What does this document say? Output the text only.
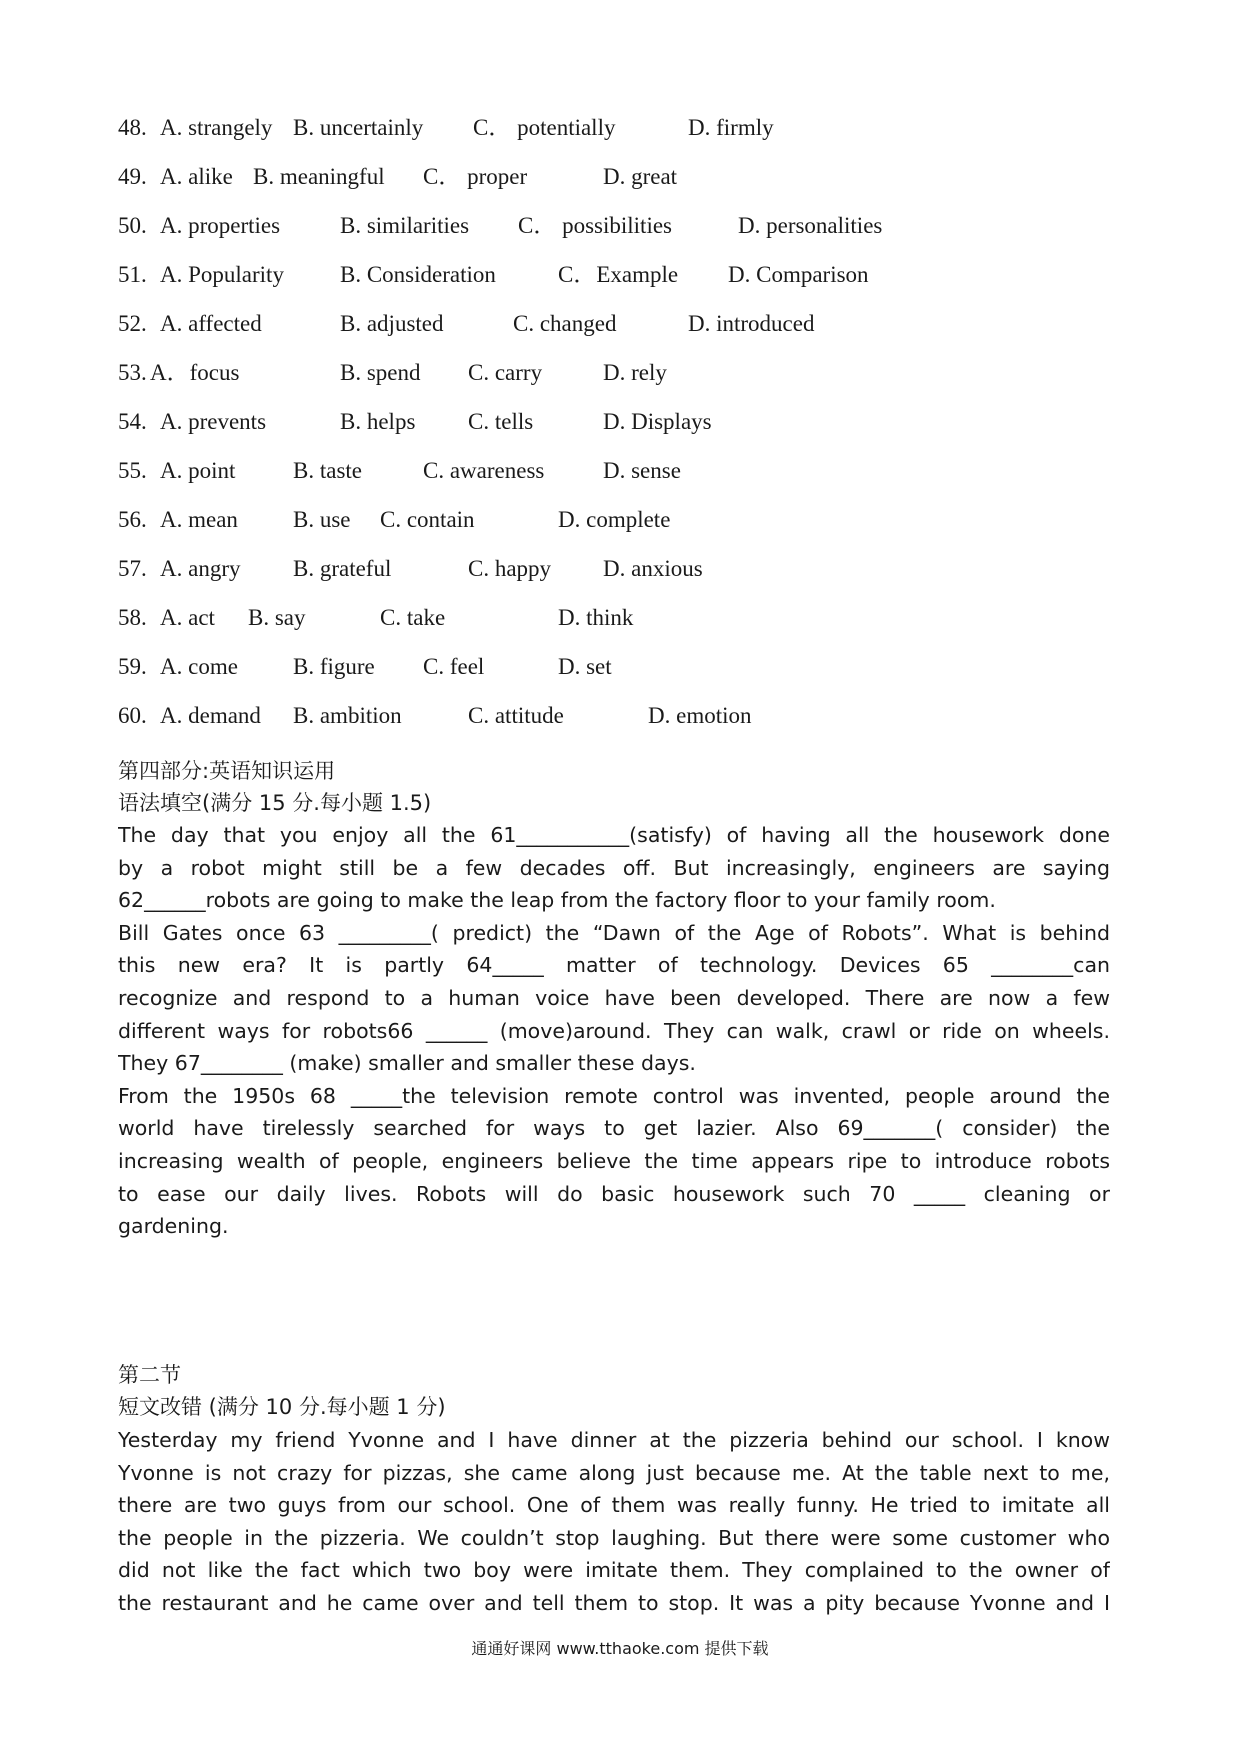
48. A. strangely B. uncertainly C． potentially	D. firmly
49. A. alike B. meaningful C． proper	D. great
50. A. properties	B. similarities C． possibilities	D. personalities
51. A. Popularity B. Consideration	C．Example D. Comparison
52. A. affected	B. adjusted	C. changed	D. introduced
53. A．focus	B. spend C. carry	D. rely
54. A. prevents	B. helps C. tells	D. Displays
55. A. point	B. taste	C. awareness	D. sense
56. A. mean B. use C. contain	D. complete
57. A. angry B. grateful	C. happy D. anxious
58. A. act B. say	C. take	D. think
59. A. come B. figure C. feel	D. set
60. A. demand B. ambition	C. attitude	D. emotion
第四部分:英语知识运用
语法填空(满分 15 分.每小题 1.5)
The day that you enjoy all the 61___________(satisfy) of having all the housework done
by a robot might still be a few decades off. But increasingly, engineers are saying
62______robots are going to make the leap from the factory floor to your family room.
Bill Gates once 63 _________( predict) the “Dawn of the Age of Robots”. What is behind
this new era? It is partly 64_____ matter of technology. Devices 65 ________can
recognize and respond to a human voice have been developed. There are now a few
different ways for robots66 ______ (move)around. They can walk, crawl or ride on wheels.
They 67________ (make) smaller and smaller these days.
From the 1950s 68 _____the television remote control was invented, people around the
world have tirelessly searched for ways to get lazier. Also 69_______( consider) the
increasing wealth of people, engineers believe the time appears ripe to introduce robots
to ease our daily lives. Robots will do basic housework such 70 _____ cleaning or
gardening.
第二节
短文改错 (满分 10 分.每小题 1 分)
Yesterday my friend Yvonne and I have dinner at the pizzeria behind our school. I know
Yvonne is not crazy for pizzas, she came along just because me. At the table next to me,
there are two guys from our school. One of them was really funny. He tried to imitate all
the people in the pizzeria. We couldn’t stop laughing. But there were some customer who
did not like the fact which two boy were imitate them. They complained to the owner of
the restaurant and he came over and tell them to stop. It was a pity because Yvonne and I
通通好课网 www.tthaoke.com 提供下载
